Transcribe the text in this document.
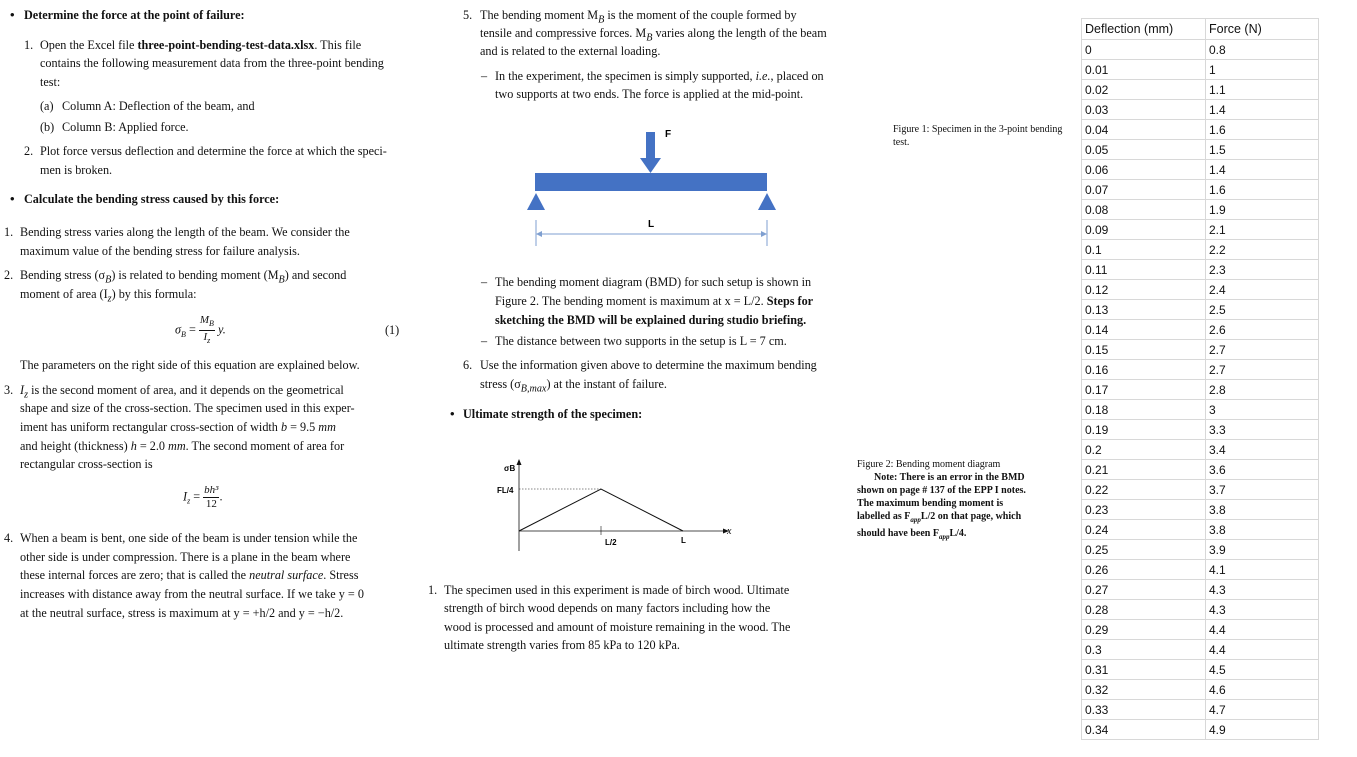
• Determine the force at the point of failure:
1. Open the Excel file three-point-bending-test-data.xlsx. This file
contains the following measurement data from the three-point bending
test:
(a) Column A: Deflection of the beam, and
(b) Column B: Applied force.
2. Plot force versus deflection and determine the force at which the speci-
men is broken.
• Calculate the bending stress caused by this force:
1. Bending stress varies along the length of the beam. We consider the
maximum value of the bending stress for failure analysis.
2. Bending stress $(\sigma_B)$ is related to bending moment $(M_B)$ and second
moment of area $(I_z)$ by this formula:
$\sigma_B = \frac{M_B}{I_z} y$.	(1)
The parameters on the right side of this equation are explained below.
3. $I_z$ is the second moment of area, and it depends on the geometrical
shape and size of the cross-section. The specimen used in this exper-
iment has uniform rectangular cross-section of width b = 9.5 mm
and height (thickness) h = 2.0 mm. The second moment of area for
rectangular cross-section is
$I_z = \frac{\text{bh³}}{12}$ .
4. When a beam is bent, one side of the beam is under tension while the
other side is under compression. There is a plane in the beam where
these internal forces are zero; that is called the neutral surface. Stress
increases with distance away from the neutral surface. If we take y = 0
at the neutral surface, stress is maximum at y = +h/2 and y = −h/2.
5. The bending moment $M_B$ is the moment of the couple formed by
tensile and compressive forces. $M_B$ varies along the length of the beam
and is related to the external loading.
– In the experiment, the specimen is simply supported, i.e., placed on
two supports at two ends. The force is applied at the mid-point.
F
L
– The bending moment diagram (BMD) for such setup is shown in
Figure 2. The bending moment is maximum at x = L/2. Steps for
sketching the BMD will be explained during studio briefing.
– The distance between two supports in the setup is L = 7 cm.
6. Use the information given above to determine the maximum bending
stress $(\sigma_{B,max})$ at the instant of failure.
• Ultimate strength of the specimen:
σB
FL/4
L/2	L
x
1. The specimen used in this experiment is made of birch wood. Ultimate
strength of birch wood depends on many factors including how the
wood is processed and amount of moisture remaining in the wood. The
ultimate strength varies from 85 kPa to 120 kPa.
Figure 1: Specimen in the 3-point bending
test.
Figure 2: Bending moment diagram
Note: There is an error in the BMD
shown on page # 137 of the EPP I notes.
The maximum bending moment is
labelled as $F_{app}L/2$ on that page, which
should have been $F_{app}L/4$.
Deflection (mm)	Force (N)
0	0.8
0.01	1
0.02	1.1
0.03	1.4
0.04	1.6
0.05	1.5
0.06	1.4
0.07	1.6
0.08	1.9
0.09	2.1
0.1	2.2
0.11	2.3
0.12	2.4
0.13	2.5
0.14	2.6
0.15	2.7
0.16	2.7
0.17	2.8
0.18	3
0.19	3.3
0.2	3.4
0.21	3.6
0.22	3.7
0.23	3.8
0.24	3.8
0.25	3.9
0.26	4.1
0.27	4.3
0.28	4.3
0.29	4.4
0.3	4.4
0.31	4.5
0.32	4.6
0.33	4.7
0.34	4.9
